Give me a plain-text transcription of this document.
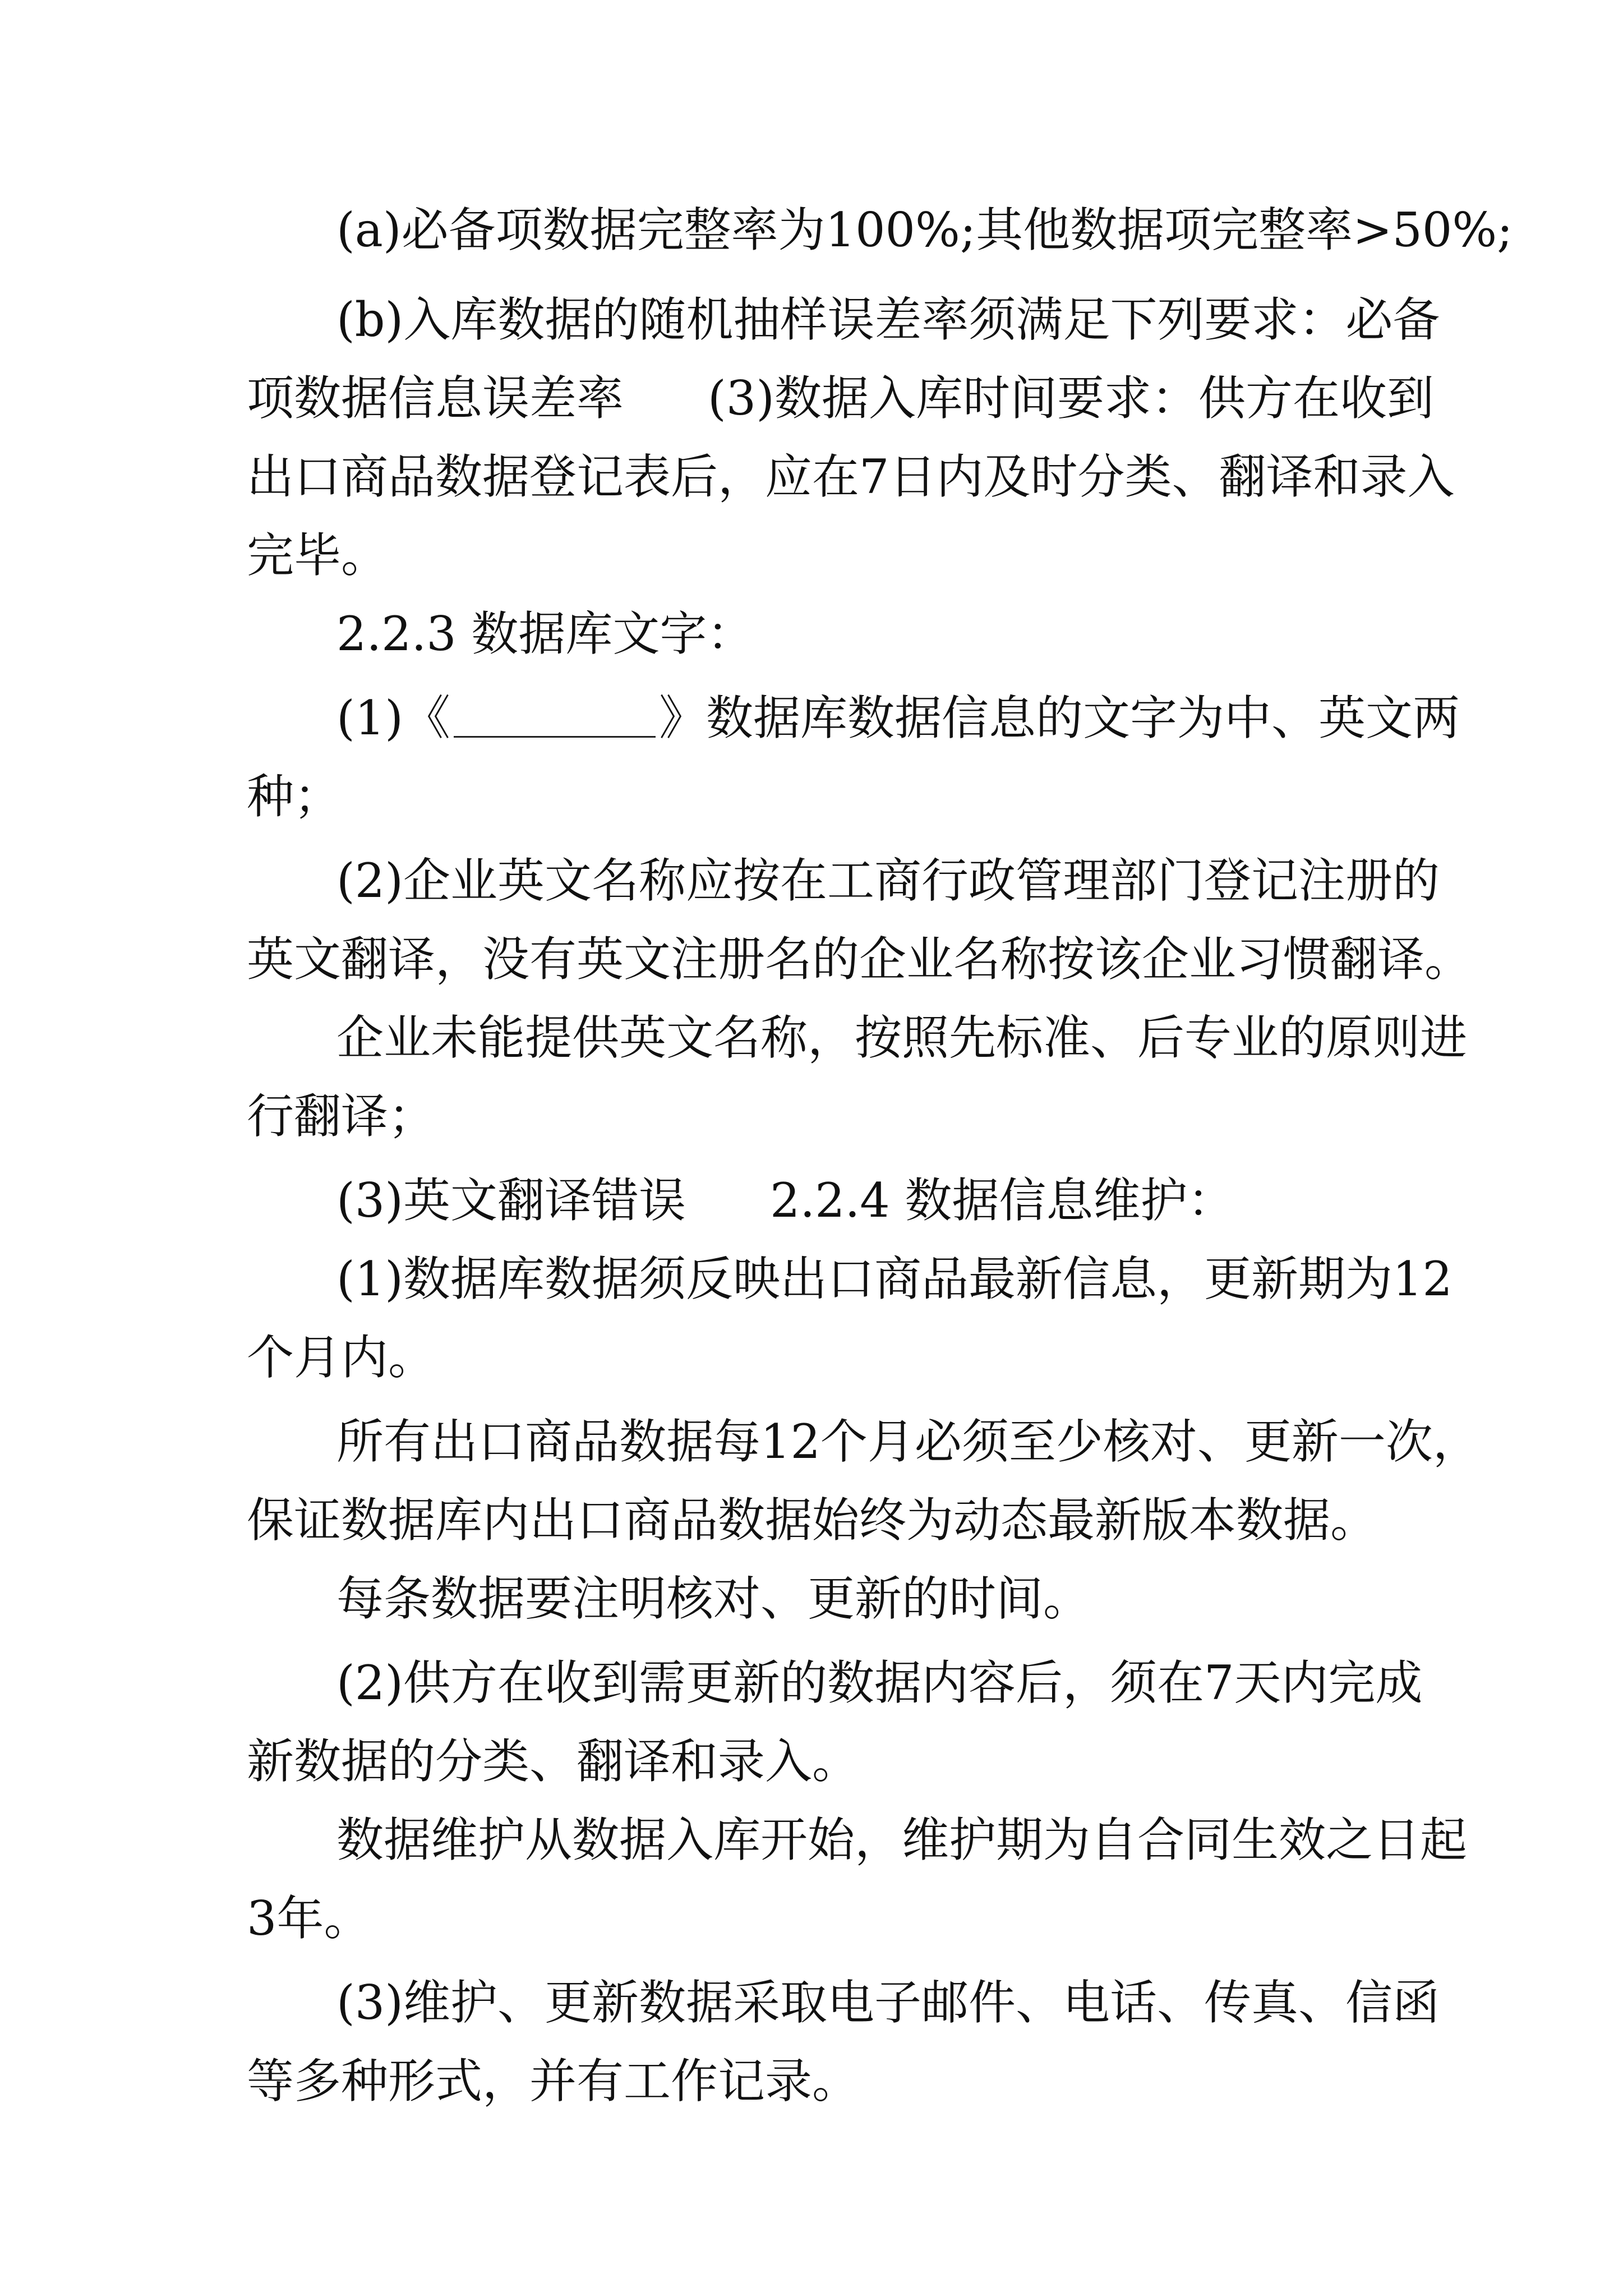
(a)必备项数据完整率为100%;其他数据项完整率>50%;
(b)入库数据的随机抽样误差率须满足下列要求：必备
项数据信息误差率 (3)数据入库时间要求：供方在收到
出口商品数据登记表后，应在7日内及时分类、翻译和录入
完毕。
2.2.3 数据库文字：
(1)《	》数据库数据信息的文字为中、英文两
种；
(2)企业英文名称应按在工商行政管理部门登记注册的
英文翻译，没有英文注册名的企业名称按该企业习惯翻译。
企业未能提供英文名称，按照先标准、后专业的原则进
行翻译；
(3)英文翻译错误 2.2.4 数据信息维护：
(1)数据库数据须反映出口商品最新信息，更新期为12
个月内。
所有出口商品数据每12个月必须至少核对、更新一次，
保证数据库内出口商品数据始终为动态最新版本数据。
每条数据要注明核对、更新的时间。
(2)供方在收到需更新的数据内容后，须在7天内完成
新数据的分类、翻译和录入。
数据维护从数据入库开始，维护期为自合同生效之日起
3年。
(3)维护、更新数据采取电子邮件、电话、传真、信函
等多种形式，并有工作记录。
